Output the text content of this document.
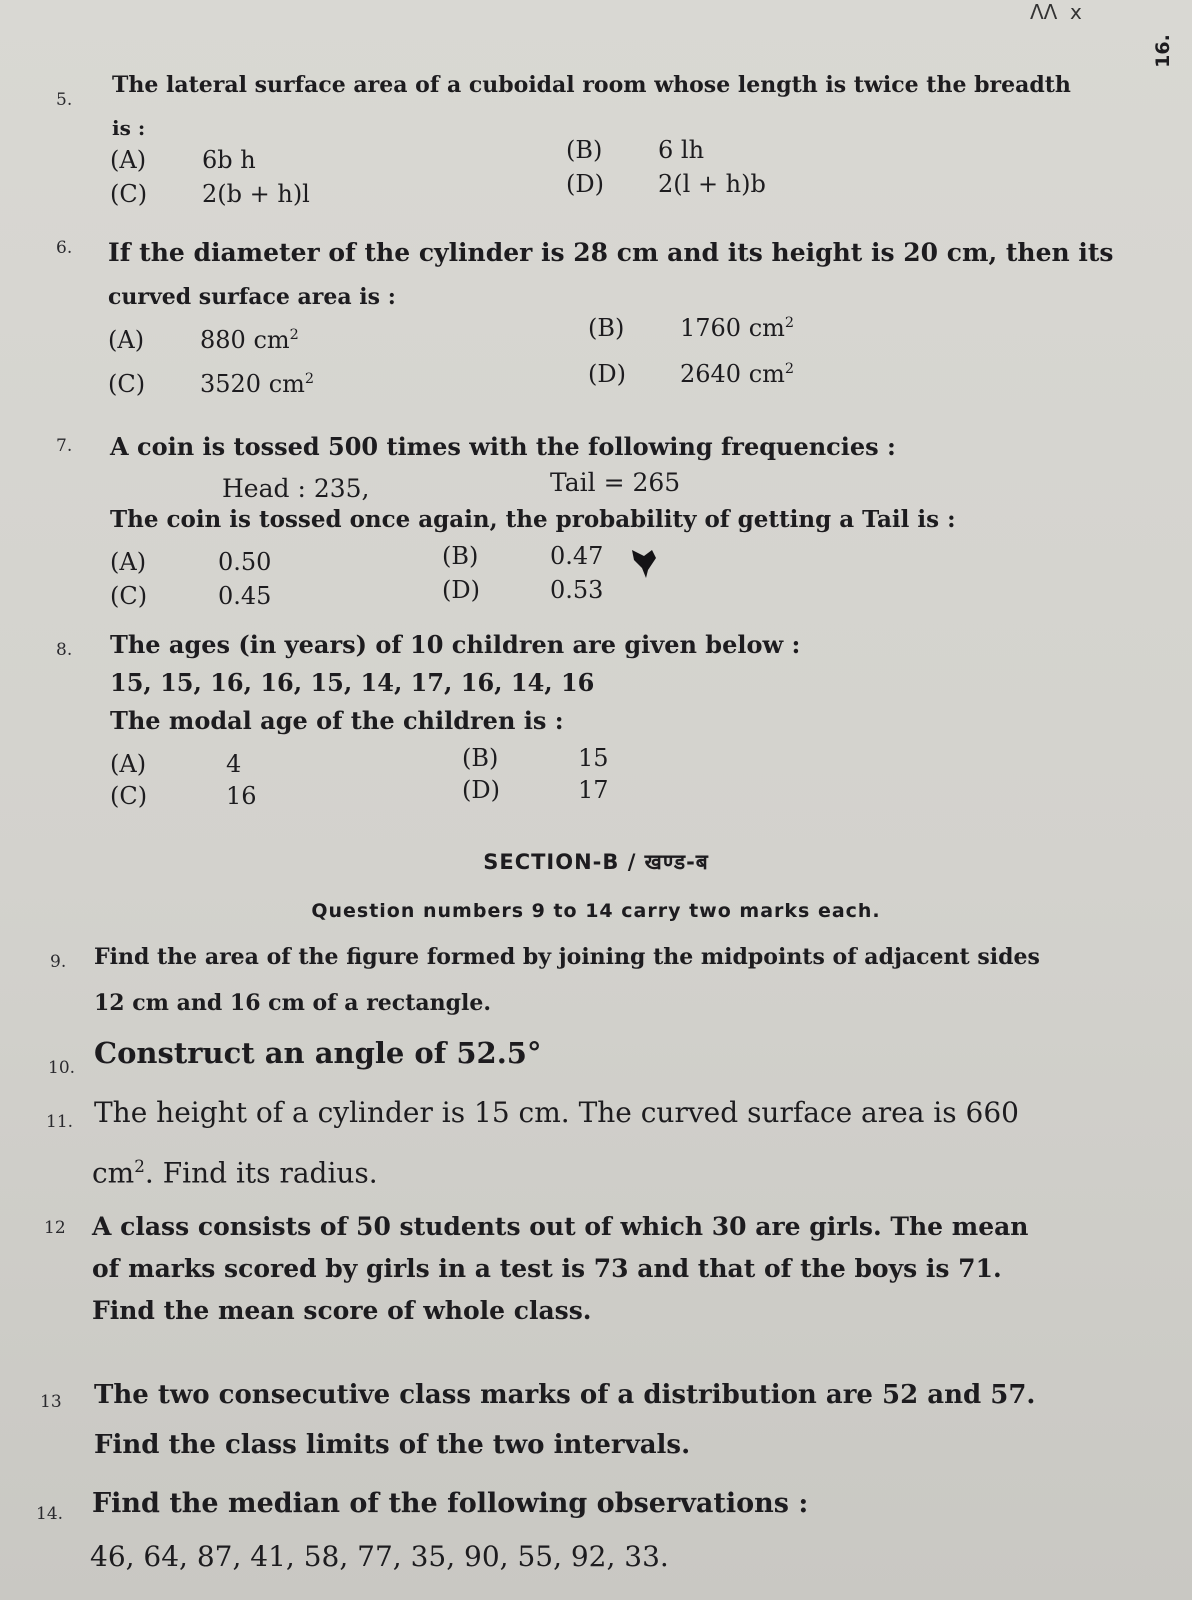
ɅɅ x
16.
5.
The lateral surface area of a cuboidal room whose length is twice the breadth
is :
(A) 6b h	(B) 6 lh
(C) 2(b + h)l	(D) 2(l + h)b
6. If the diameter of the cylinder is 28 cm and its height is 20 cm, then its
curved surface area is :
(A) 880 $cm^2$	(B) 1760 $cm^2$
(C) 3520 $cm^2$	(D) 2640 $cm^2$
7. A coin is tossed 500 times with the following frequencies :
Head : 235,	Tail = 265
The coin is tossed once again, the probability of getting a Tail is :
(A)	0.50	(B)	0.47
(C)	0.45	(D)	0.53
8. The ages (in years) of 10 children are given below :
15, 15, 16, 16, 15, 14, 17, 16, 14, 16
The modal age of the children is :
(A)	4	(B)	15
(C)	16	(D)	17
SECTION-B / खण्ड-ब
Question numbers 9 to 14 carry two marks each.
9. Find the area of the figure formed by joining the midpoints of adjacent sides
12 cm and 16 cm of a rectangle.
10. Construct an angle of 52.5°
11. The height of a cylinder is 15 cm. The curved surface area is 660
$cm^2$. Find its radius.
12 A class consists of 50 students out of which 30 are girls. The mean
of marks scored by girls in a test is 73 and that of the boys is 71.
Find the mean score of whole class.
13 The two consecutive class marks of a distribution are 52 and 57.
Find the class limits of the two intervals.
14. Find the median of the following observations :
46, 64, 87, 41, 58, 77, 35, 90, 55, 92, 33.
